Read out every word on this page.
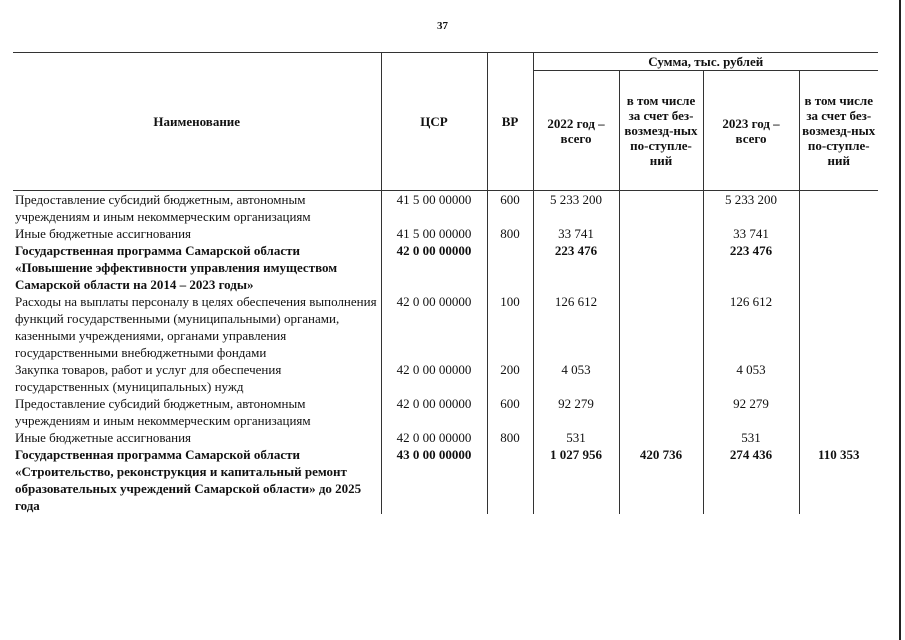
37
Наименование	ЦСР	ВР	Сумма, тыс. рублей			
			2022 год – всего	в том числе за счет без-возмезд-ных по-ступле-ний	2023 год – всего	в том числе за счет без-возмезд-ных по-ступле-ний
Предоставление субсидий бюджетным, автономным учреждениям и иным некоммерческим организациям	41 5 00 00000	600	5 233 200		5 233 200	
Иные бюджетные ассигнования	41 5 00 00000	800	33 741		33 741	
Государственная программа Самарской области «Повышение эффективности управления имуществом Самарской области на 2014 – 2023 годы»	42 0 00 00000		223 476		223 476	
Расходы на выплаты персоналу в целях обеспечения выполнения функций государственными (муниципальными) органами, казенными учреждениями, органами управления государственными внебюджетными фондами	42 0 00 00000	100	126 612		126 612	
Закупка товаров, работ и услуг для обеспечения государственных (муниципальных) нужд	42 0 00 00000	200	4 053		4 053	
Предоставление субсидий бюджетным, автономным учреждениям и иным некоммерческим организациям	42 0 00 00000	600	92 279		92 279	
Иные бюджетные ассигнования	42 0 00 00000	800	531		531	
Государственная программа Самарской области «Строительство, реконструкция и капитальный ремонт образовательных учреждений Самарской области» до 2025 года	43 0 00 00000		1 027 956	420 736	274 436	110 353
